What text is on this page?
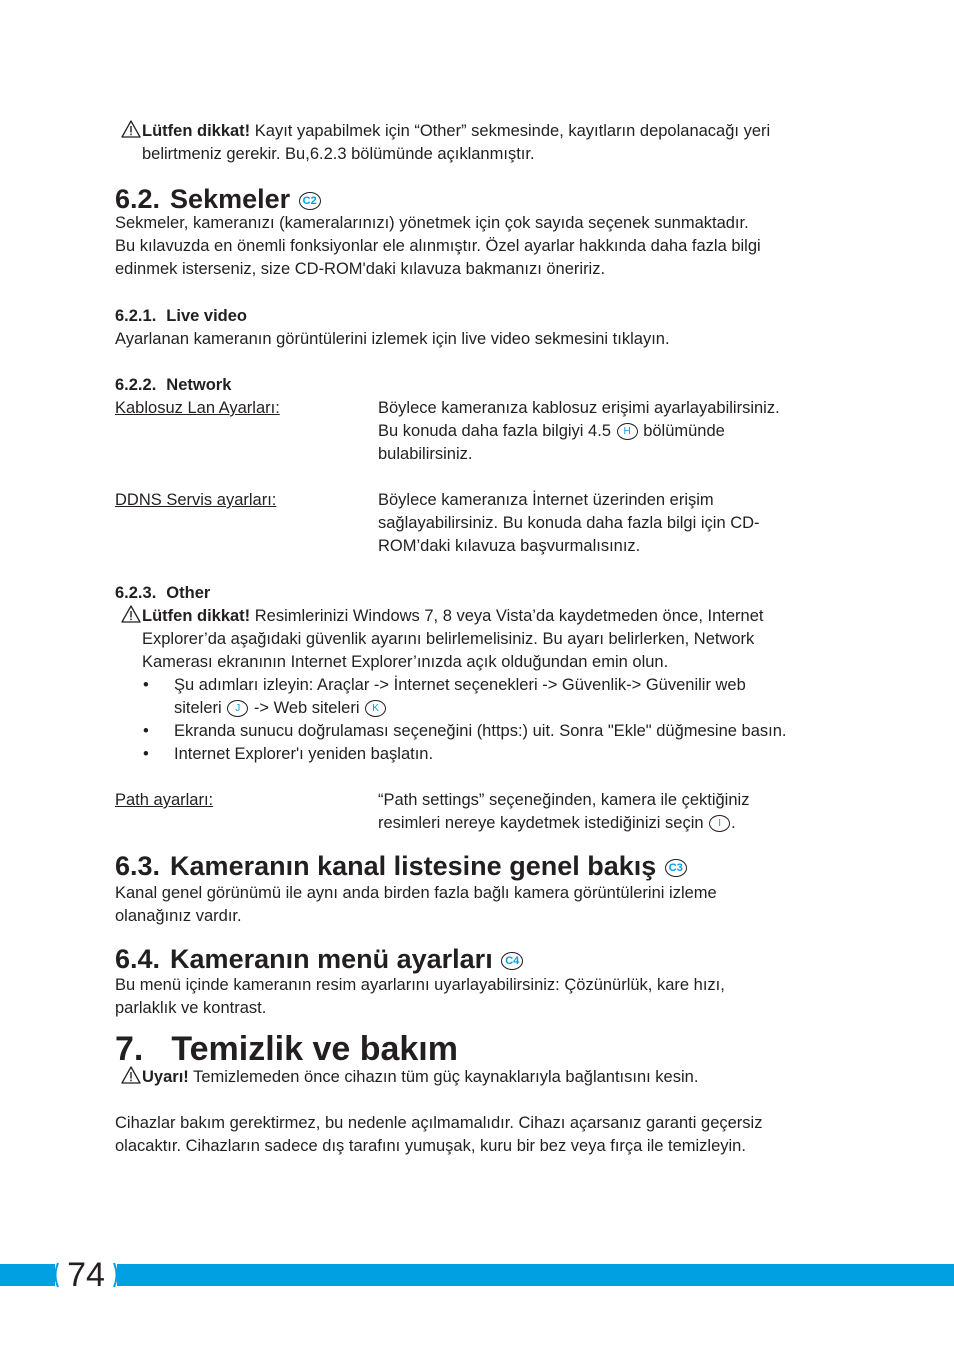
Lütfen dikkat! Kayıt yapabilmek için “Other” sekmesinde, kayıtların depolanacağı yeri
belirtmeniz gerekir. Bu,6.2.3 bölümünde açıklanmıştır.
6.2. Sekmeler C2
Sekmeler, kameranızı (kameralarınızı) yönetmek için çok sayıda seçenek sunmaktadır.
Bu kılavuzda en önemli fonksiyonlar ele alınmıştır. Özel ayarlar hakkında daha fazla bilgi
edinmek isterseniz, size CD-ROM'daki kılavuza bakmanızı öneririz.
6.2.1. Live video
Ayarlanan kameranın görüntülerini izlemek için live video sekmesini tıklayın.
6.2.2. Network
Kablosuz Lan Ayarları:	Böylece kameranıza kablosuz erişimi ayarlayabilirsiniz.
Bu konuda daha fazla bilgiyi 4.5 H bölümünde
bulabilirsiniz.
DDNS Servis ayarları:	Böylece kameranıza İnternet üzerinden erişim
sağlayabilirsiniz. Bu konuda daha fazla bilgi için CD-
ROM’daki kılavuza başvurmalısınız.
6.2.3. Other
Lütfen dikkat! Resimlerinizi Windows 7, 8 veya Vista’da kaydetmeden önce, Internet
Explorer’da aşağıdaki güvenlik ayarını belirlemelisiniz. Bu ayarı belirlerken, Network
Kamerası ekranının Internet Explorer’ınızda açık olduğundan emin olun.
• Şu adımları izleyin: Araçlar -> İnternet seçenekleri -> Güvenlik-> Güvenilir web
siteleri J -> Web siteleri K
• Ekranda sunucu doğrulaması seçeneğini (https:) uit. Sonra "Ekle" düğmesine basın.
• Internet Explorer'ı yeniden başlatın.
Path ayarları:	“Path settings” seçeneğinden, kamera ile çektiğiniz
resimleri nereye kaydetmek istediğinizi seçin I .
6.3. Kameranın kanal listesine genel bakış C3
Kanal genel görünümü ile aynı anda birden fazla bağlı kamera görüntülerini izleme
olanağınız vardır.
6.4. Kameranın menü ayarları C4
Bu menü içinde kameranın resim ayarlarını uyarlayabilirsiniz: Çözünürlük, kare hızı,
parlaklık ve kontrast.
7. Temizlik ve bakım
Uyarı! Temizlemeden önce cihazın tüm güç kaynaklarıyla bağlantısını kesin.
Cihazlar bakım gerektirmez, bu nedenle açılmamalıdır. Cihazı açarsanız garanti geçersiz
olacaktır. Cihazların sadece dış tarafını yumuşak, kuru bir bez veya fırça ile temizleyin.
74
